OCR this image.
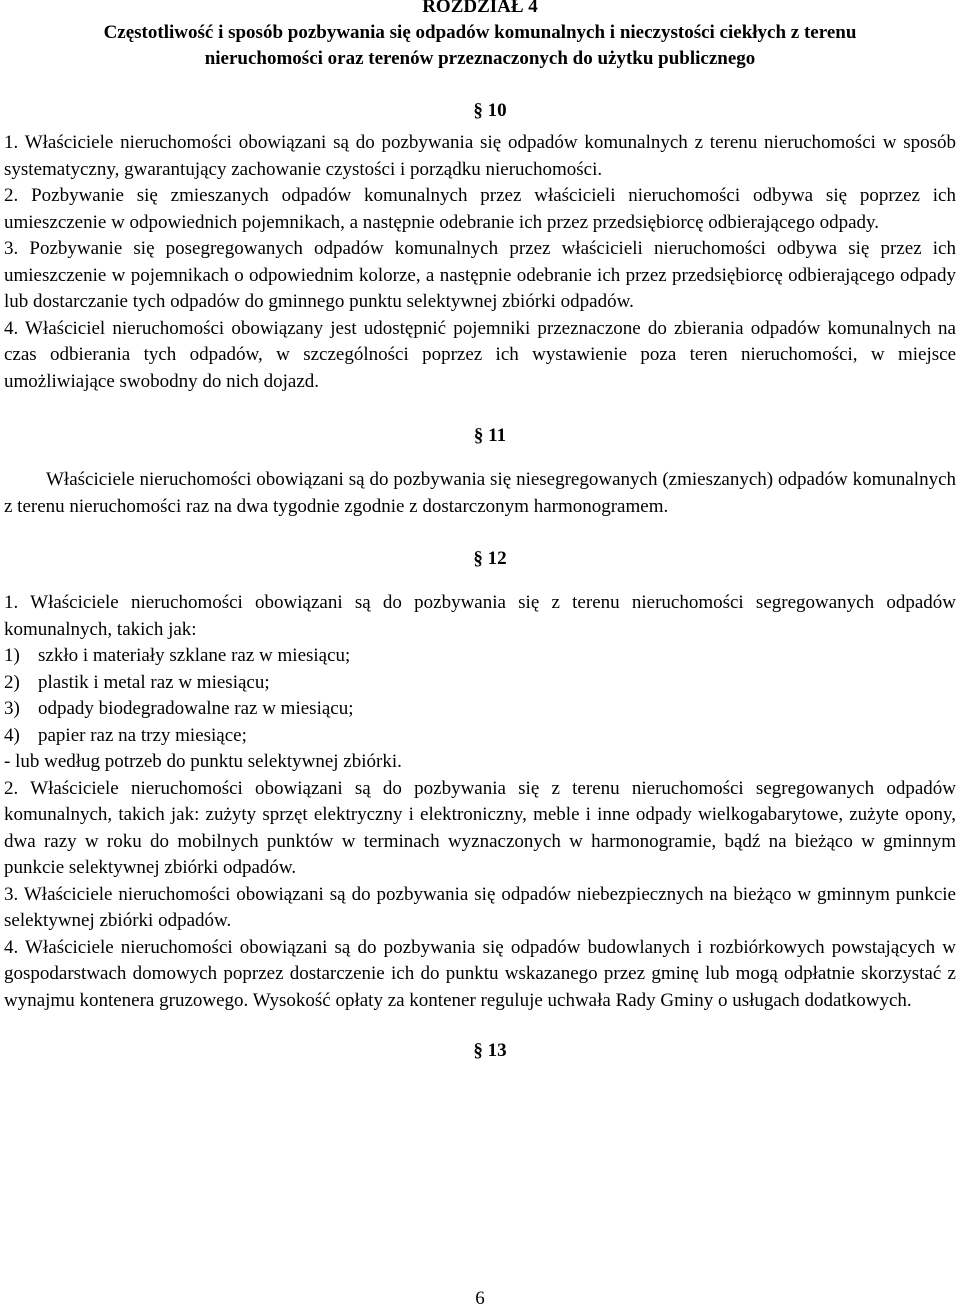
ROZDZIAŁ 4
Częstotliwość i sposób pozbywania się odpadów komunalnych i nieczystości ciekłych z terenu
nieruchomości oraz terenów przeznaczonych do użytku publicznego
§ 10
1. Właściciele nieruchomości obowiązani są do pozbywania się odpadów komunalnych z terenu nieruchomości w sposób systematyczny, gwarantujący zachowanie czystości i porządku nieruchomości.
2. Pozbywanie się zmieszanych odpadów komunalnych przez właścicieli nieruchomości odbywa się poprzez ich umieszczenie w odpowiednich pojemnikach, a następnie odebranie ich przez przedsiębiorcę odbierającego odpady.
3. Pozbywanie się posegregowanych odpadów komunalnych przez właścicieli nieruchomości odbywa się przez ich umieszczenie w pojemnikach o odpowiednim kolorze, a następnie odebranie ich przez przedsiębiorcę odbierającego odpady lub dostarczanie tych odpadów do gminnego punktu selektywnej zbiórki odpadów.
4. Właściciel nieruchomości obowiązany jest udostępnić pojemniki przeznaczone do zbierania odpadów komunalnych na czas odbierania tych odpadów, w szczególności poprzez ich wystawienie poza teren nieruchomości, w miejsce umożliwiające swobodny do nich dojazd.
§ 11
Właściciele nieruchomości obowiązani są do pozbywania się niesegregowanych (zmieszanych) odpadów komunalnych z terenu nieruchomości raz na dwa tygodnie zgodnie z dostarczonym harmonogramem.
§ 12
1. Właściciele nieruchomości obowiązani są do pozbywania się z terenu nieruchomości segregowanych odpadów komunalnych, takich jak:
1) szkło i materiały szklane raz w miesiącu;
2) plastik i metal raz w miesiącu;
3) odpady biodegradowalne raz w miesiącu;
4) papier raz na trzy miesiące;
- lub według potrzeb do punktu selektywnej zbiórki.
2. Właściciele nieruchomości obowiązani są do pozbywania się z terenu nieruchomości segregowanych odpadów komunalnych, takich jak: zużyty sprzęt elektryczny i elektroniczny, meble i inne odpady wielkogabarytowe, zużyte opony, dwa razy w roku do mobilnych punktów w terminach wyznaczonych w harmonogramie, bądź na bieżąco w gminnym punkcie selektywnej zbiórki odpadów.
3. Właściciele nieruchomości obowiązani są do pozbywania się odpadów niebezpiecznych na bieżąco w gminnym punkcie selektywnej zbiórki odpadów.
4. Właściciele nieruchomości obowiązani są do pozbywania się odpadów budowlanych i rozbiórkowych powstających w gospodarstwach domowych poprzez dostarczenie ich do punktu wskazanego przez gminę lub mogą odpłatnie skorzystać z wynajmu kontenera gruzowego. Wysokość opłaty za kontener reguluje uchwała Rady Gminy o usługach dodatkowych.
§ 13
6
